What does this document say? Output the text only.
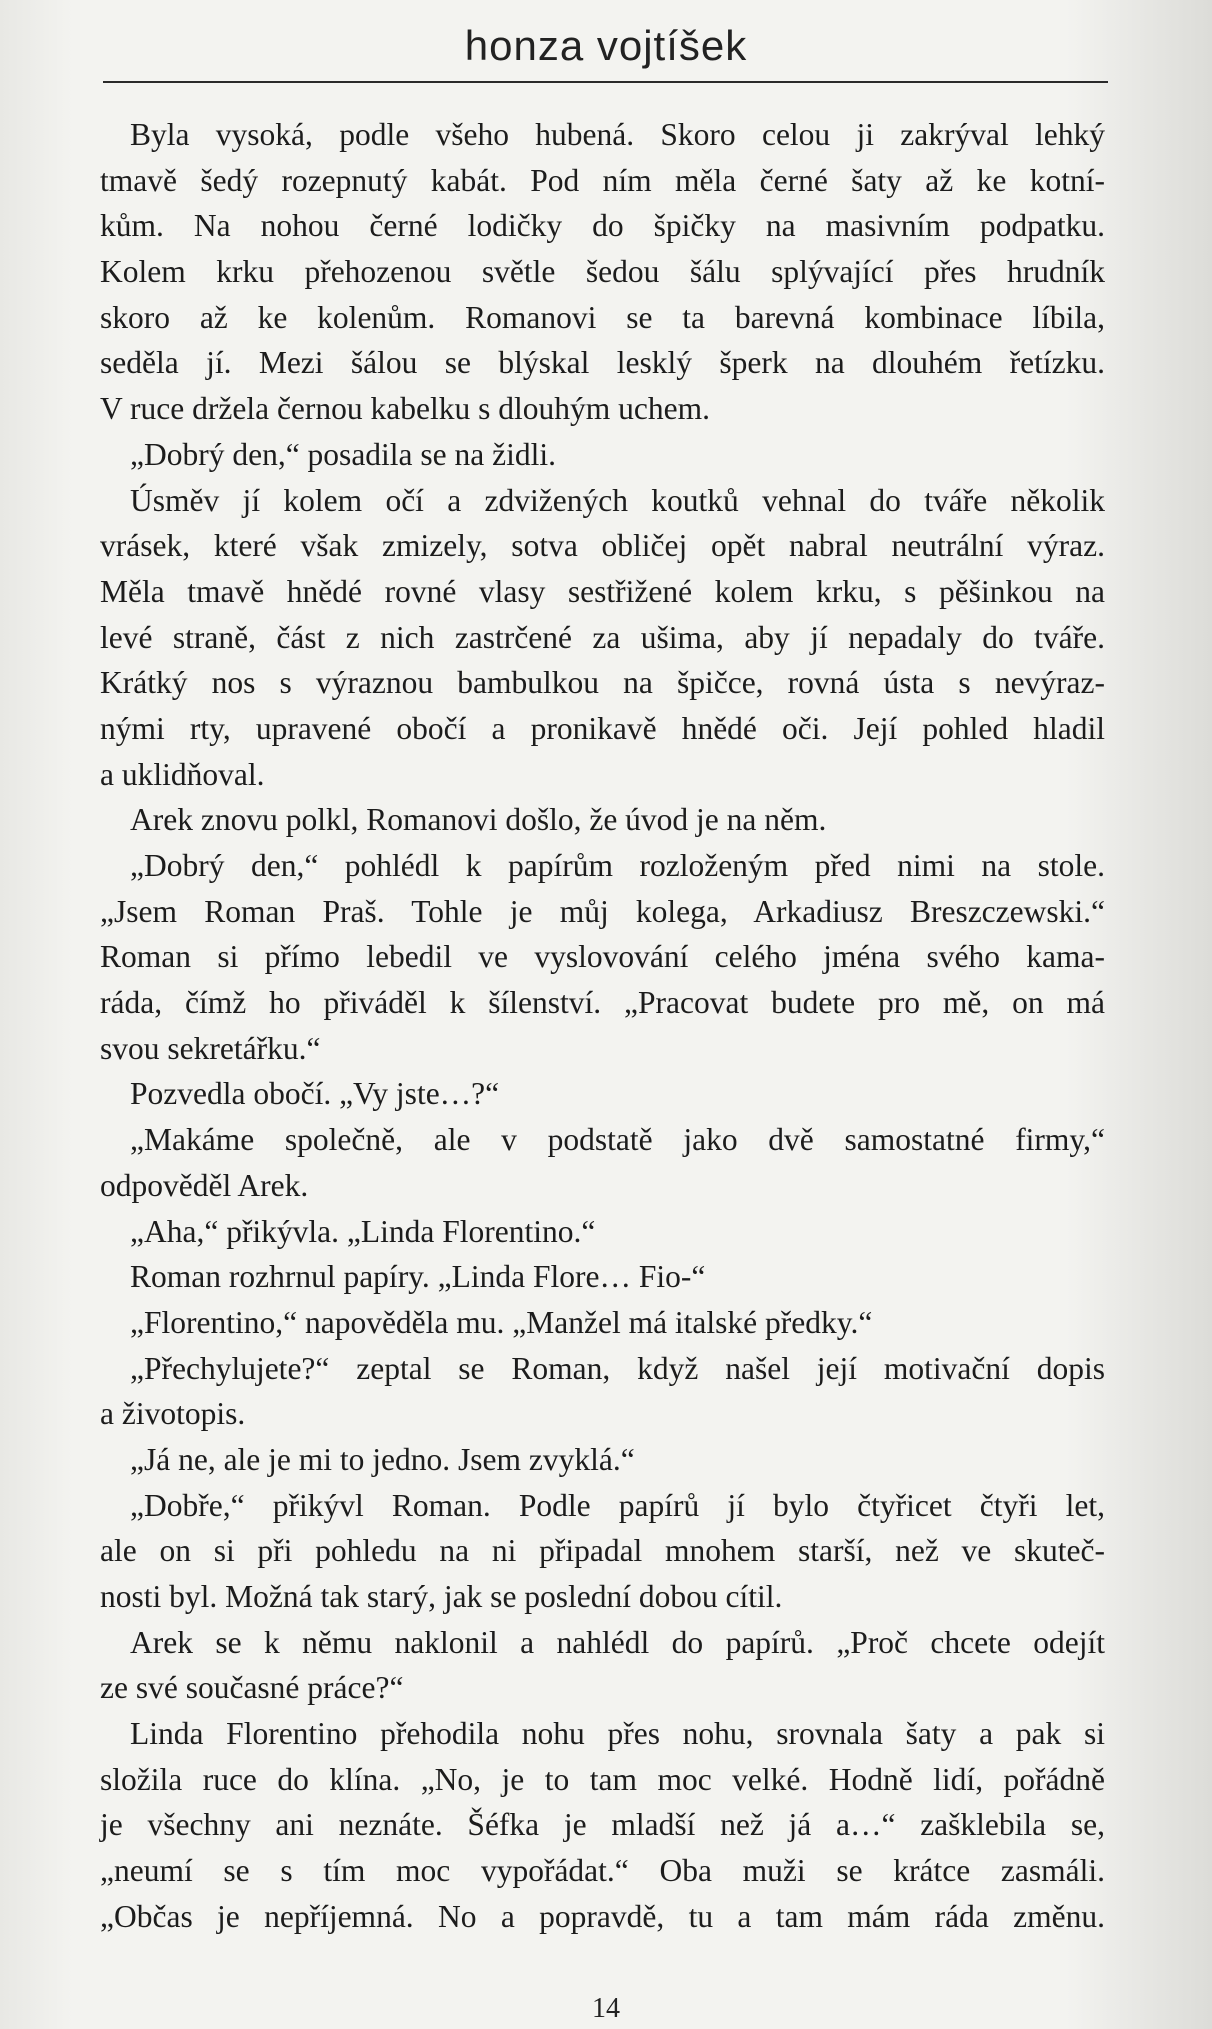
honza vojtíšek
Byla vysoká, podle všeho hubená. Skoro celou ji zakrýval lehký
tmavě šedý rozepnutý kabát. Pod ním měla černé šaty až ke kotní-
kům. Na nohou černé lodičky do špičky na masivním podpatku.
Kolem krku přehozenou světle šedou šálu splývající přes hrudník
skoro až ke kolenům. Romanovi se ta barevná kombinace líbila,
seděla jí. Mezi šálou se blýskal lesklý šperk na dlouhém řetízku.
V ruce držela černou kabelku s dlouhým uchem.
„Dobrý den,“ posadila se na židli.
Úsměv jí kolem očí a zdvižených koutků vehnal do tváře několik
vrásek, které však zmizely, sotva obličej opět nabral neutrální výraz.
Měla tmavě hnědé rovné vlasy sestřižené kolem krku, s pěšinkou na
levé straně, část z nich zastrčené za ušima, aby jí nepadaly do tváře.
Krátký nos s výraznou bambulkou na špičce, rovná ústa s nevýraz-
nými rty, upravené obočí a pronikavě hnědé oči. Její pohled hladil
a uklidňoval.
Arek znovu polkl, Romanovi došlo, že úvod je na něm.
„Dobrý den,“ pohlédl k papírům rozloženým před nimi na stole.
„Jsem Roman Praš. Tohle je můj kolega, Arkadiusz Breszczewski.“
Roman si přímo lebedil ve vyslovování celého jména svého kama-
ráda, čímž ho přiváděl k šílenství. „Pracovat budete pro mě, on má
svou sekretářku.“
Pozvedla obočí. „Vy jste…?“
„Makáme společně, ale v podstatě jako dvě samostatné firmy,“
odpověděl Arek.
„Aha,“ přikývla. „Linda Florentino.“
Roman rozhrnul papíry. „Linda Flore… Fio-“
„Florentino,“ napověděla mu. „Manžel má italské předky.“
„Přechylujete?“ zeptal se Roman, když našel její motivační dopis
a životopis.
„Já ne, ale je mi to jedno. Jsem zvyklá.“
„Dobře,“ přikývl Roman. Podle papírů jí bylo čtyřicet čtyři let,
ale on si při pohledu na ni připadal mnohem starší, než ve skuteč-
nosti byl. Možná tak starý, jak se poslední dobou cítil.
Arek se k němu naklonil a nahlédl do papírů. „Proč chcete odejít
ze své současné práce?“
Linda Florentino přehodila nohu přes nohu, srovnala šaty a pak si
složila ruce do klína. „No, je to tam moc velké. Hodně lidí, pořádně
je všechny ani neznáte. Šéfka je mladší než já a…“ zašklebila se,
„neumí se s tím moc vypořádat.“ Oba muži se krátce zasmáli.
„Občas je nepříjemná. No a popravdě, tu a tam mám ráda změnu.
14
